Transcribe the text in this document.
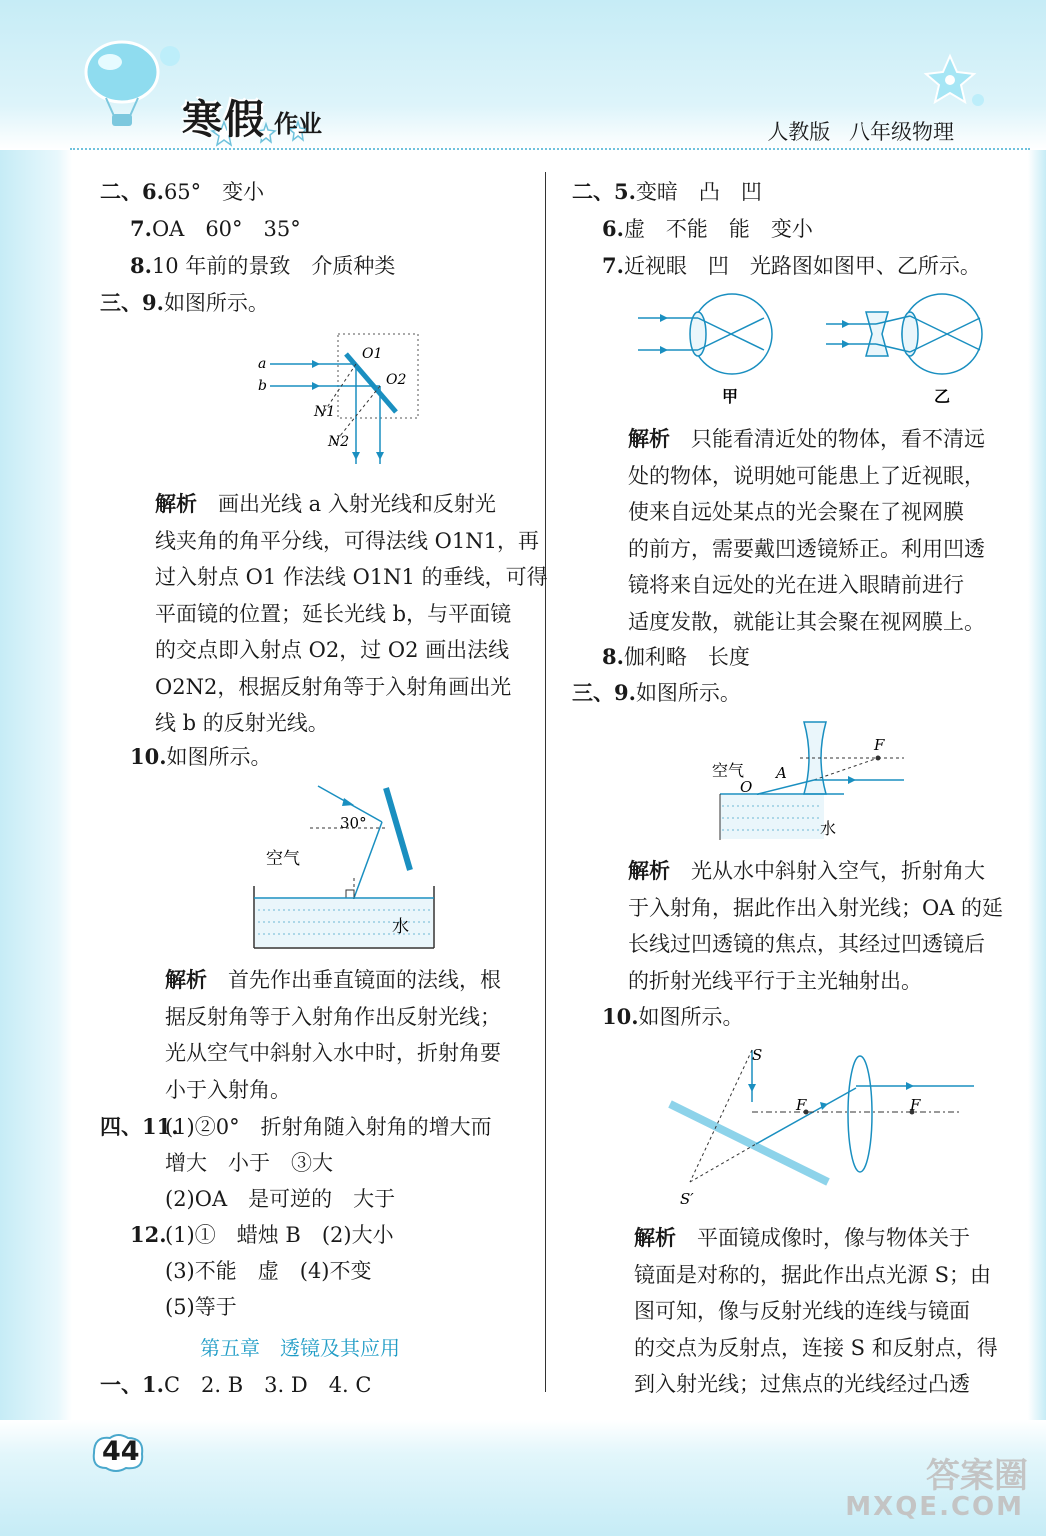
寒假 作业	人教版 八年级物理
二、6.65°　变小
7.OA　60°　35°
8.10 年前的景致　介质种类
三、9.如图所示。
a
b
O1
O2
N1
N2
解析　 画出光线 a 入射光线和反射光
线夹角的角平分线，可得法线 O1N1，再
过入射点 O1 作法线 O1N1 的垂线，可得
平面镜的位置；延长光线 b，与平面镜
的交点即入射点 O2，过 O2 画出法线
O2N2，根据反射角等于入射角画出光
线 b 的反射光线。
10.如图所示。
30°
空气
水
解析　 首先作出垂直镜面的法线，根
据反射角等于入射角作出反射光线；
光从空气中斜射入水中时，折射角要
小于入射角。
四、11.
(1)②0°　折射角随入射角的增大而
增大　小于　③大
(2)OA　是可逆的　大于
12.
(1)①　蜡烛 B　(2)大小
(3)不能　虚　(4)不变
(5)等于
第五章　透镜及其应用
一、1.C　2. B　3. D　4. C
二、5.变暗　凸　凹
6.虚　不能　能　变小
7.近视眼　凹　光路图如图甲、乙所示。
甲	乙
解析　 只能看清近处的物体，看不清远
处的物体，说明她可能患上了近视眼，
使来自远处某点的光会聚在了视网膜
的前方，需要戴凹透镜矫正。利用凹透
镜将来自远处的光在进入眼睛前进行
适度发散，就能让其会聚在视网膜上。
8.伽利略　长度
三、9.如图所示。
F
空气 A
O
水
解析　 光从水中斜射入空气，折射角大
于入射角，据此作出入射光线；OA 的延
长线过凹透镜的焦点，其经过凹透镜后
的折射光线平行于主光轴射出。
10.如图所示。
S
S′
F	F
解析　 平面镜成像时，像与物体关于
镜面是对称的，据此作出点光源 S；由
图可知，像与反射光线的连线与镜面
的交点为反射点，连接 S 和反射点，得
到入射光线；过焦点的光线经过凸透
44
答案圈
MXQE.COM
